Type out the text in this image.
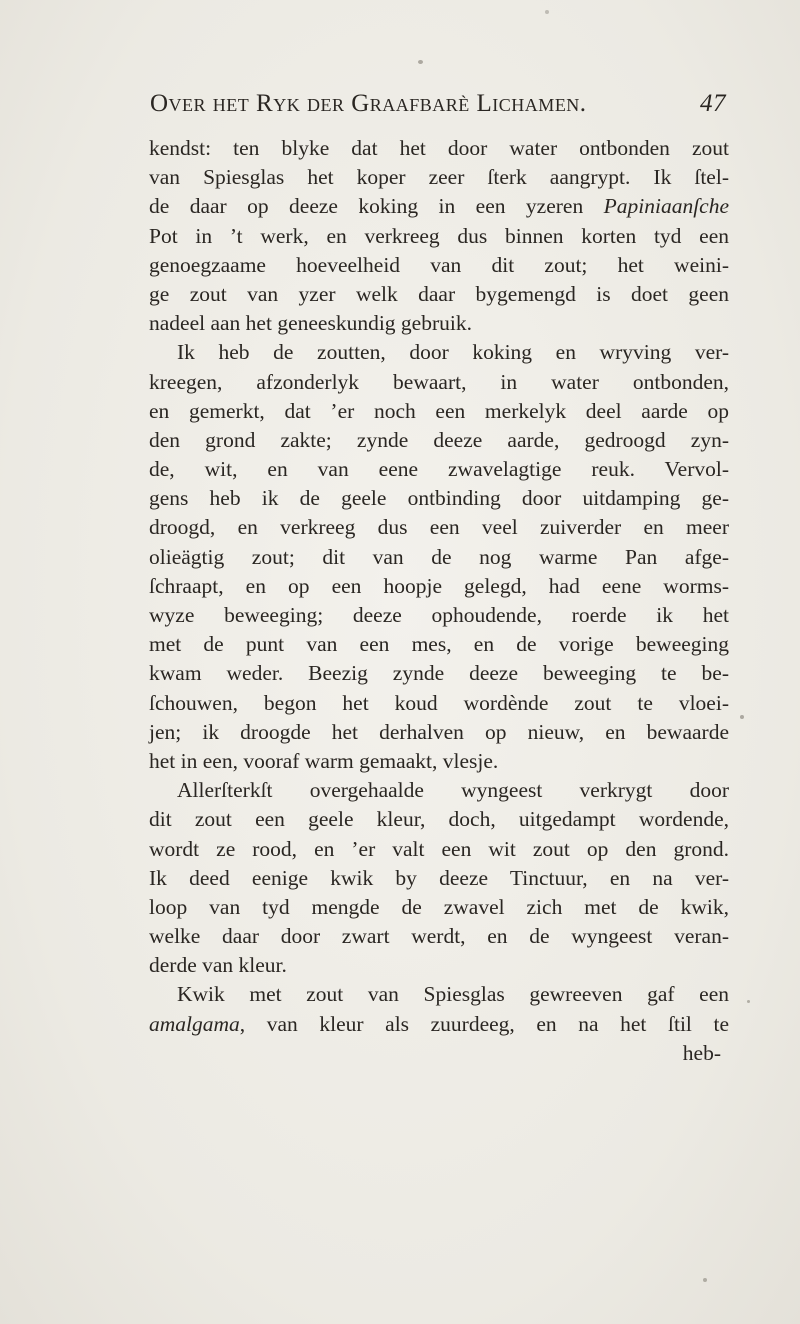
Over het Ryk der Graafbarè Lichamen.	47
kendst: ten blyke dat het door water ontbonden zout
van Spiesglas het koper zeer ſterk aangrypt. Ik ſtel-
de daar op deeze koking in een yzeren Papiniaanſche
Pot in ’t werk, en verkreeg dus binnen korten tyd een
genoegzaame hoeveelheid van dit zout; het weini-
ge zout van yzer welk daar bygemengd is doet geen
nadeel aan het geneeskundig gebruik.
Ik heb de zoutten, door koking en wryving ver-
kreegen, afzonderlyk bewaart, in water ontbonden,
en gemerkt, dat ’er noch een merkelyk deel aarde op
den grond zakte; zynde deeze aarde, gedroogd zyn-
de, wit, en van eene zwavelagtige reuk. Vervol-
gens heb ik de geele ontbinding door uitdamping ge-
droogd, en verkreeg dus een veel zuiverder en meer
olieägtig zout; dit van de nog warme Pan afge-
ſchraapt, en op een hoopje gelegd, had eene worms-
wyze beweeging; deeze ophoudende, roerde ik het
met de punt van een mes, en de vorige beweeging
kwam weder. Beezig zynde deeze beweeging te be-
ſchouwen, begon het koud wordènde zout te vloei-
jen; ik droogde het derhalven op nieuw, en bewaarde
het in een, vooraf warm gemaakt, vlesje.
Allerſterkſt overgehaalde wyngeest verkrygt door
dit zout een geele kleur, doch, uitgedampt wordende,
wordt ze rood, en ’er valt een wit zout op den grond.
Ik deed eenige kwik by deeze Tinctuur, en na ver-
loop van tyd mengde de zwavel zich met de kwik,
welke daar door zwart werdt, en de wyngeest veran-
derde van kleur.
Kwik met zout van Spiesglas gewreeven gaf een
amalgama, van kleur als zuurdeeg, en na het ſtil te
heb-
